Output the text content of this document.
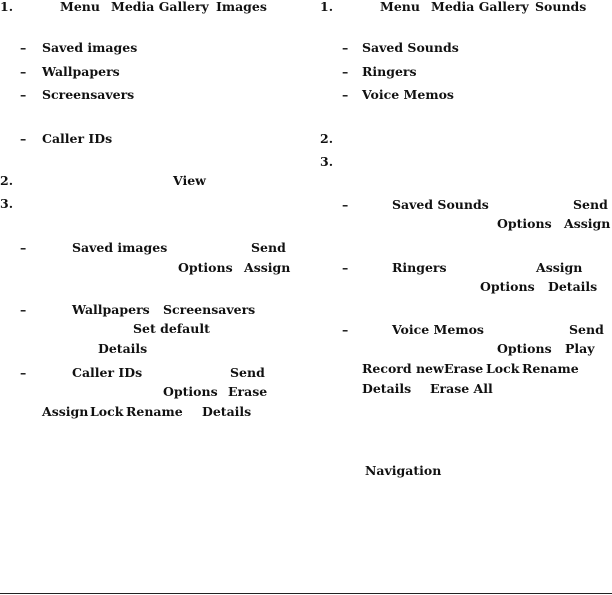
1.	Menu Media Gallery Images
– Saved images
– Wallpapers
– Screensavers
– Caller IDs
2.	View
3.
–	Saved images	Send
Options Assign
–	Wallpapers Screensavers
Set default
Details
–	Caller IDs	Send
Options Erase
Assign Lock Rename Details
1.	Menu Media Gallery Sounds
– Saved Sounds
– Ringers
– Voice Memos
2.
3.
–	Saved Sounds	Send
Options Assign
–	Ringers	Assign
Options Details
–	Voice Memos	Send
Options Play
Record new Erase Lock Rename
Details Erase All
Navigation
